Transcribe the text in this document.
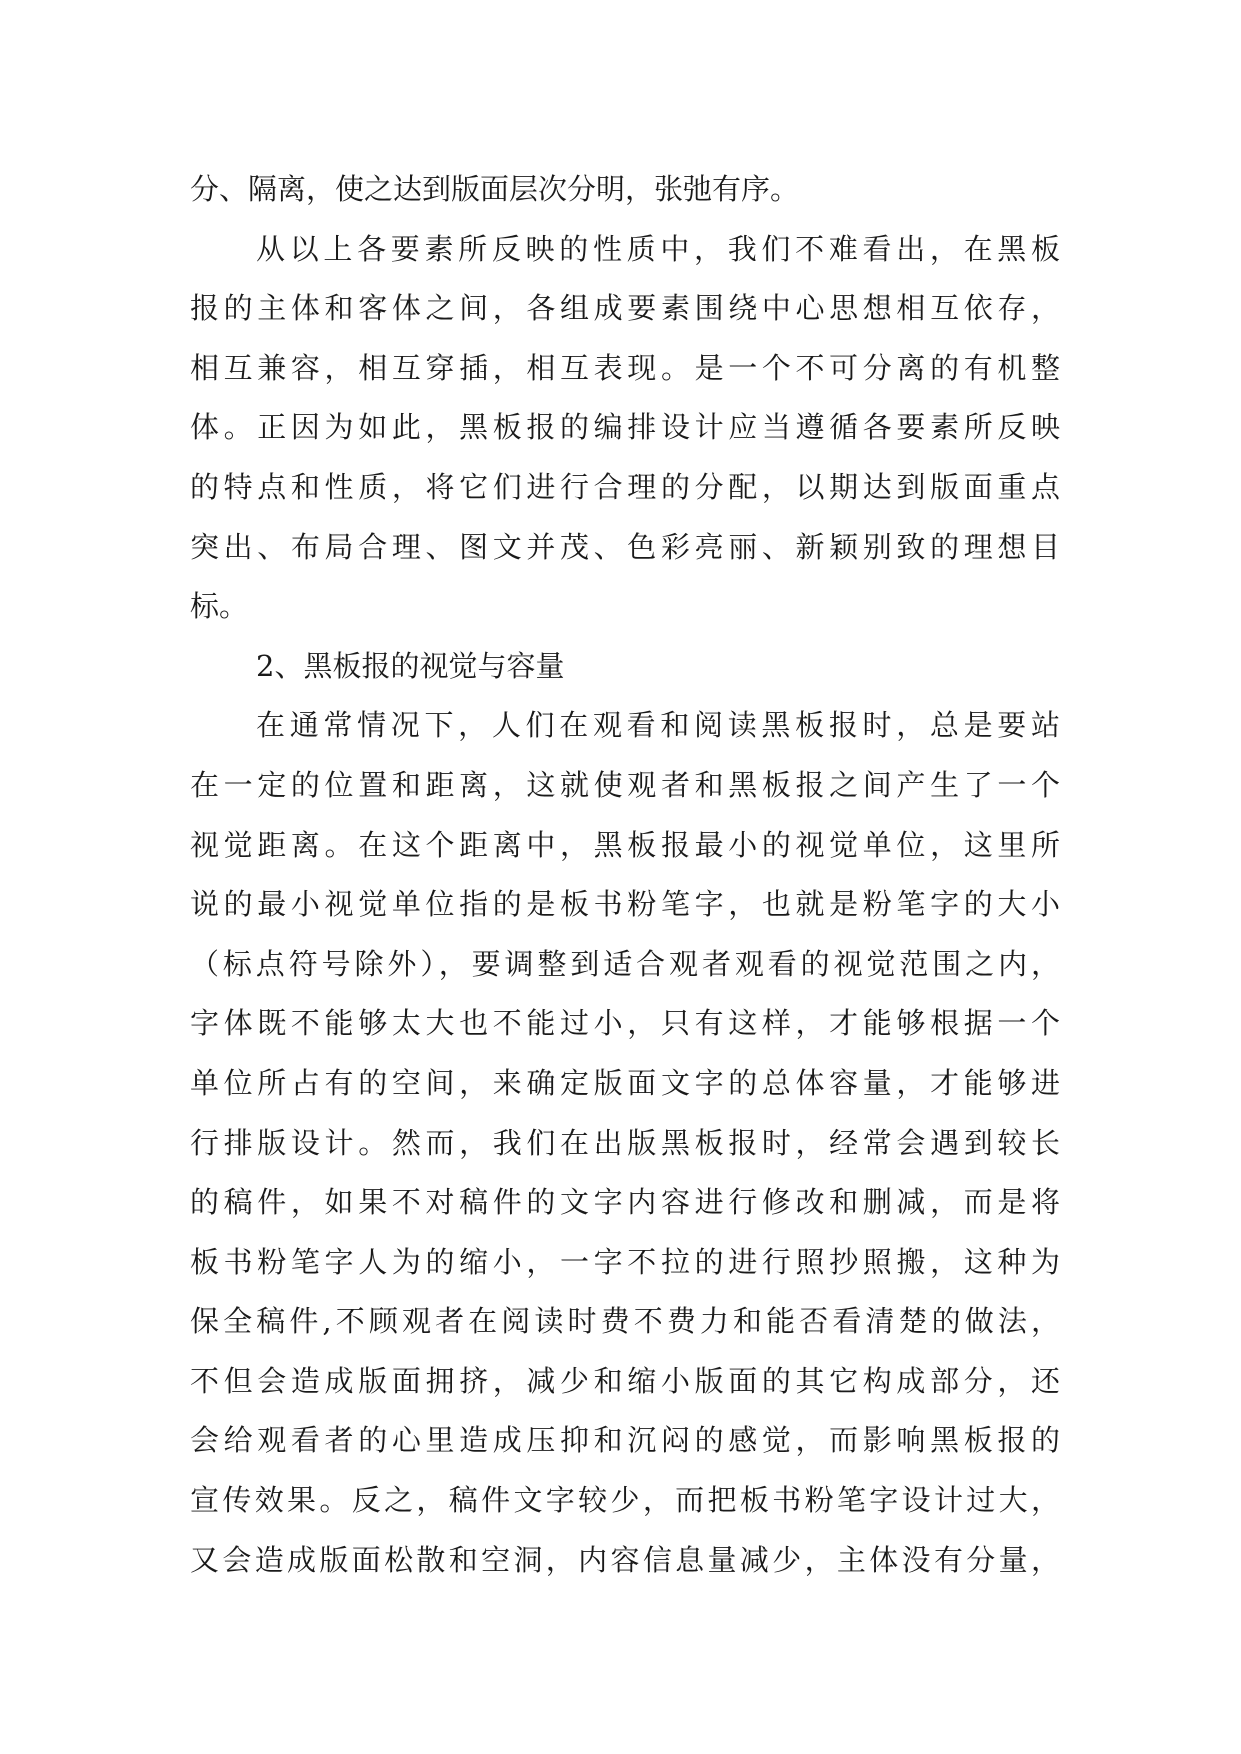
分、隔离，使之达到版面层次分明，张弛有序。
从以上各要素所反映的性质中，我们不难看出，在黑板
报的主体和客体之间，各组成要素围绕中心思想相互依存，
相互兼容，相互穿插，相互表现。是一个不可分离的有机整
体。正因为如此，黑板报的编排设计应当遵循各要素所反映
的特点和性质，将它们进行合理的分配，以期达到版面重点
突出、布局合理、图文并茂、色彩亮丽、新颖别致的理想目
标。
2、黑板报的视觉与容量
在通常情况下，人们在观看和阅读黑板报时，总是要站
在一定的位置和距离，这就使观者和黑板报之间产生了一个
视觉距离。在这个距离中，黑板报最小的视觉单位，这里所
说的最小视觉单位指的是板书粉笔字，也就是粉笔字的大小
（标点符号除外），要调整到适合观者观看的视觉范围之内，
字体既不能够太大也不能过小，只有这样，才能够根据一个
单位所占有的空间，来确定版面文字的总体容量，才能够进
行排版设计。然而，我们在出版黑板报时，经常会遇到较长
的稿件，如果不对稿件的文字内容进行修改和删减，而是将
板书粉笔字人为的缩小，一字不拉的进行照抄照搬，这种为
保全稿件,不顾观者在阅读时费不费力和能否看清楚的做法，
不但会造成版面拥挤，减少和缩小版面的其它构成部分，还
会给观看者的心里造成压抑和沉闷的感觉，而影响黑板报的
宣传效果。反之，稿件文字较少，而把板书粉笔字设计过大，
又会造成版面松散和空洞，内容信息量减少，主体没有分量，
